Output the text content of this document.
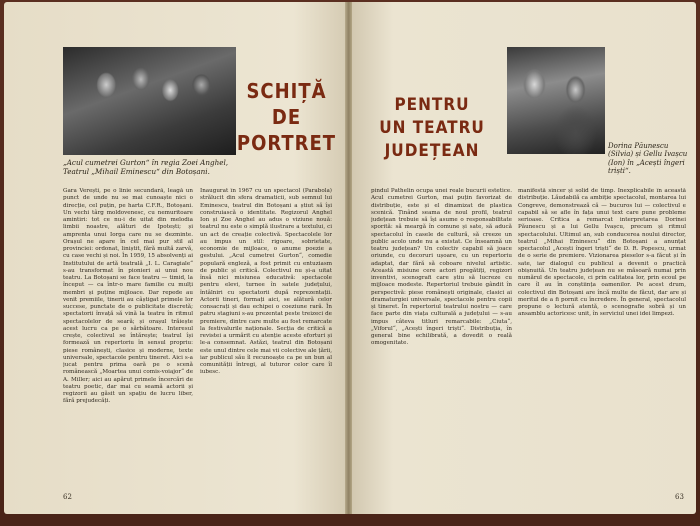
SCHIȚĂ
DE
PORTRET
„Acul cumetrei Gurton“ în regia Zoei Anghel, Teatrul „Mihail Eminescu“ din Botoșani.
Gara Verești, pe o linie secundară, leagă un punct de unde nu se mai cunoaște nici o direcție, cel puțin, pe harta C.F.R., Botoșani. Un vechi târg moldovenesc, cu nemuritoare amintiri: tot ce nu-i de uitat din melodia limbii noastre, alături de Ipotești; și amprenta unui Iorga care nu se dezminte. Orașul ne apare în cel mai pur stil al provinciei: ordonat, liniștit, fără multă zarvă, cu case vechi și noi. În 1959, 15 absolvenți ai Institutului de artă teatrală „I. L. Caragiale“ s-au transformat în pionieri ai unui nou teatru. La Botoșani se face teatru — timid, la început — ca într-o mare familie cu mulți membri și puține mijloace. Dar repede au venit premiile, tinerii au câștigat primele lor succese, punctate de o publicitate discretă; spectatorii învață să vină la teatru în ritmul spectacolelor de seară; și orașul trăiește acest lucru ca pe o sărbătoare. Interesul crește, colectivul se întărește; teatrul își formează un repertoriu în sensul propriu: piese românești, clasice și moderne, texte universale, spectacole pentru tineret. Aici s-a jucat pentru prima oară pe o scenă românească „Moartea unui comis-voiajor“ de A. Miller; aici au apărut primele încercări de teatru poetic, dar mai cu seamă actorii și regizorii au găsit un spațiu de lucru liber, fără prejudecăți.
Inaugurat în 1967 cu un spectacol (Parabola) strălucit din sfera dramaticii, sub semnul lui Eminescu, teatrul din Botoșani a știut să își construiască o identitate. Regizorul Anghel Ion și Zoe Anghel au adus o viziune nouă: teatrul nu este o simplă ilustrare a textului, ci un act de creație colectivă. Spectacolele lor au impus un stil: rigoare, sobrietate, economie de mijloace, o anume poezie a gestului. „Acul cumetrei Gurton“, comedie populară engleză, a fost primit cu entuziasm de public și critică. Colectivul nu și-a uitat însă nici misiunea educativă: spectacole pentru elevi, turnee în satele județului, întâlniri cu spectatorii după reprezentații. Actorii tineri, formați aici, se alătură celor consacrați și dau echipei o coeziune rară. În patru stagiuni s-au prezentat peste treizeci de premiere, dintre care multe au fost remarcate la festivalurile naționale. Secția de critică a revistei a urmărit cu atenție aceste eforturi și le-a consemnat. Astăzi, teatrul din Botoșani este unul dintre cele mai vii colective ale țării, iar publicul său îl recunoaște ca pe un bun al comunității întregi, al tuturor celor care îl iubesc.
62
PENTRU
UN TEATRU
JUDEȚEAN	Dorina Păunescu (Silvia) și Gellu Ivașcu (Ion) în „Acești îngeri triști“.
pindul Pathelin ocupa unei reale bucurii estetice. Acul cumetrei Gurton, mai puțin favorizat de distribuție, este și el dinamizat de plastica scenică. Ținând seama de noul profil, teatrul județean trebuie să își asume o responsabilitate sporită: să meargă în comune și sate, să aducă spectacolul în casele de cultură, să creeze un public acolo unde nu a existat. Ce înseamnă un teatru județean? Un colectiv capabil să joace oriunde, cu decoruri ușoare, cu un repertoriu adaptat, dar fără să coboare nivelul artistic. Această misiune cere actori pregătiți, regizori inventivi, scenografi care știu să lucreze cu mijloace modeste. Repertoriul trebuie gândit în perspectivă: piese românești originale, clasici ai dramaturgiei universale, spectacole pentru copii și tineret. În repertoriul teatrului nostru — care face parte din viața culturală a județului — s-au impus câteva titluri remarcabile: „Ciuta“, „Viforul“, „Acești îngeri triști“. Distribuția, în general bine echilibrată, a dovedit o reală omogenitate.
manifestă sincer și solid de timp. Inexplicabile în această distribuție. Lăudabilă ca ambiție spectacolul, montarea lui Congreve, demonstrează că — bucuros lui — colectivul e capabil să se afle în fața unui text care pune probleme serioase. Critica a remarcat interpretarea Dorinei Păunescu și a lui Gellu Ivașcu, precum și ritmul spectacolului. Ultimul an, sub conducerea noului director, teatrul „Mihai Eminescu“ din Botoșani a anunțat spectacolul „Acești îngeri triști“ de D. R. Popescu, urmat de o serie de premiere. Vizionarea pieselor s-a făcut și în sate, iar dialogul cu publicul a devenit o practică obișnuită. Un teatru județean nu se măsoară numai prin numărul de spectacole, ci prin calitatea lor, prin ecoul pe care îl au în conștiința oamenilor. Pe acest drum, colectivul din Botoșani are încă multe de făcut, dar are și meritul de a fi pornit cu încredere. În general, spectacolul propune o lectură atentă, o scenografie sobră și un ansamblu actoricesc unit, în serviciul unei idei limpezi.
63
